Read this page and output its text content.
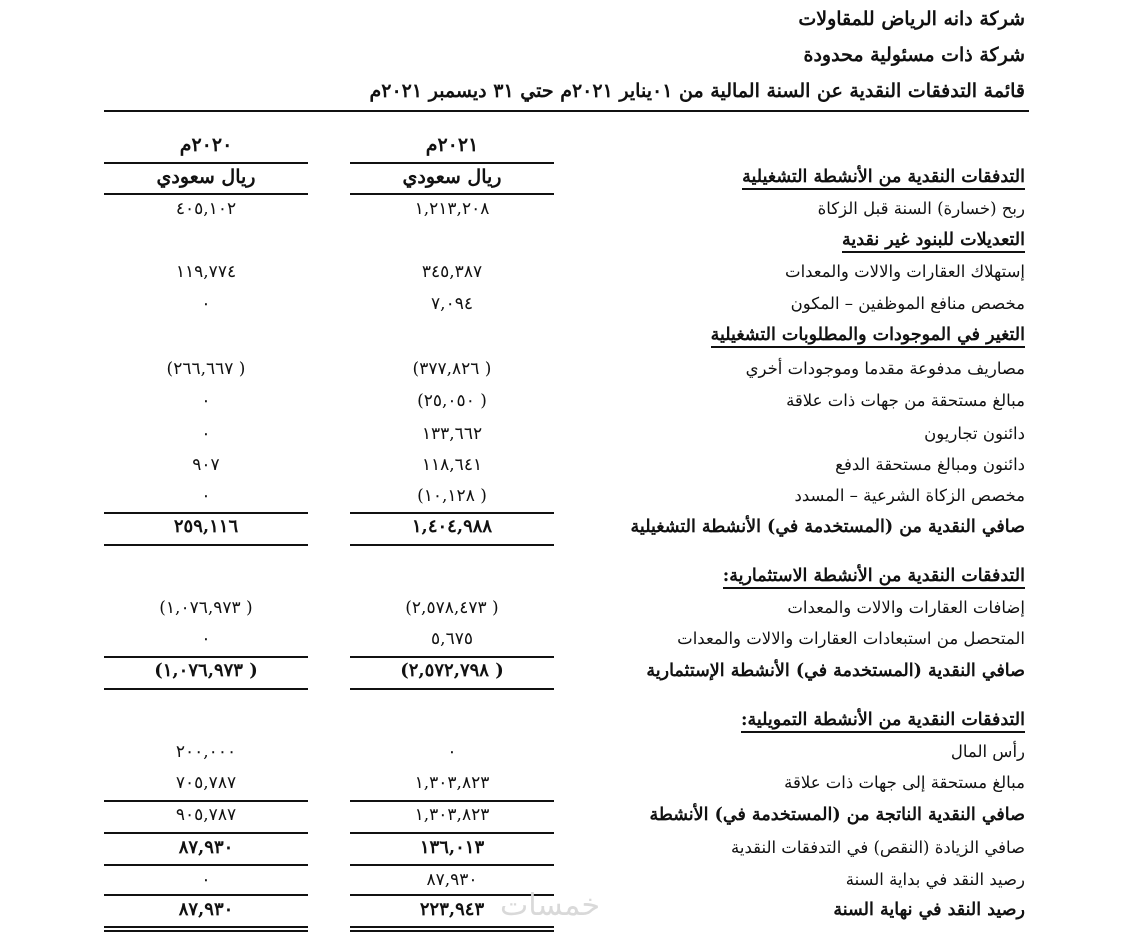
شركة دانه الرياض للمقاولات
شركة ذات مسئولية محدودة
قائمة التدفقات النقدية عن السنة المالية من ٠١يناير ٢٠٢١م حتي ٣١ ديسمبر ٢٠٢١م
٢٠٢١م
٢٠٢٠م
ريال سعودي
ريال سعودي	التدفقات النقدية من الأنشطة التشغيلية
ربح (خسارة) السنة قبل الزكاة
١,٢١٣,٢٠٨
٤٠٥,١٠٢
التعديلات للبنود غير نقدية
إستهلاك العقارات والالات والمعدات
٣٤٥,٣٨٧
١١٩,٧٧٤
مخصص منافع الموظفين – المكون
٧,٠٩٤
٠
التغير في الموجودات والمطلوبات التشغيلية
مصاريف مدفوعة مقدما وموجودات أخري
( ٣٧٧,٨٢٦)
( ٢٦٦,٦٦٧)
مبالغ مستحقة من جهات ذات علاقة
( ٢٥,٠٥٠)
٠
دائنون تجاريون
١٣٣,٦٦٢
٠
دائنون ومبالغ مستحقة الدفع
١١٨,٦٤١
٩٠٧
مخصص الزكاة الشرعية – المسدد
( ١٠,١٢٨)
٠
صافي النقدية من (المستخدمة في) الأنشطة التشغيلية
١,٤٠٤,٩٨٨
٢٥٩,١١٦
التدفقات النقدية من الأنشطة الاستثمارية:
إضافات العقارات والالات والمعدات
( ٢,٥٧٨,٤٧٣)
( ١,٠٧٦,٩٧٣)
المتحصل من استبعادات العقارات والالات والمعدات
٥,٦٧٥
٠
صافي النقدية (المستخدمة في) الأنشطة الإستثمارية
( ٢,٥٧٢,٧٩٨)
( ١,٠٧٦,٩٧٣)
التدفقات النقدية من الأنشطة التمويلية:
رأس المال
٠
٢٠٠,٠٠٠
مبالغ مستحقة إلى جهات ذات علاقة
١,٣٠٣,٨٢٣
٧٠٥,٧٨٧
صافي النقدية الناتجة من (المستخدمة في) الأنشطة
١,٣٠٣,٨٢٣
٩٠٥,٧٨٧
صافي الزيادة (النقص) في التدفقات النقدية
١٣٦,٠١٣
٨٧,٩٣٠
رصيد النقد في بداية السنة
٨٧,٩٣٠
٠
رصيد النقد في نهاية السنة
٢٢٣,٩٤٣
٨٧,٩٣٠	خمسات
